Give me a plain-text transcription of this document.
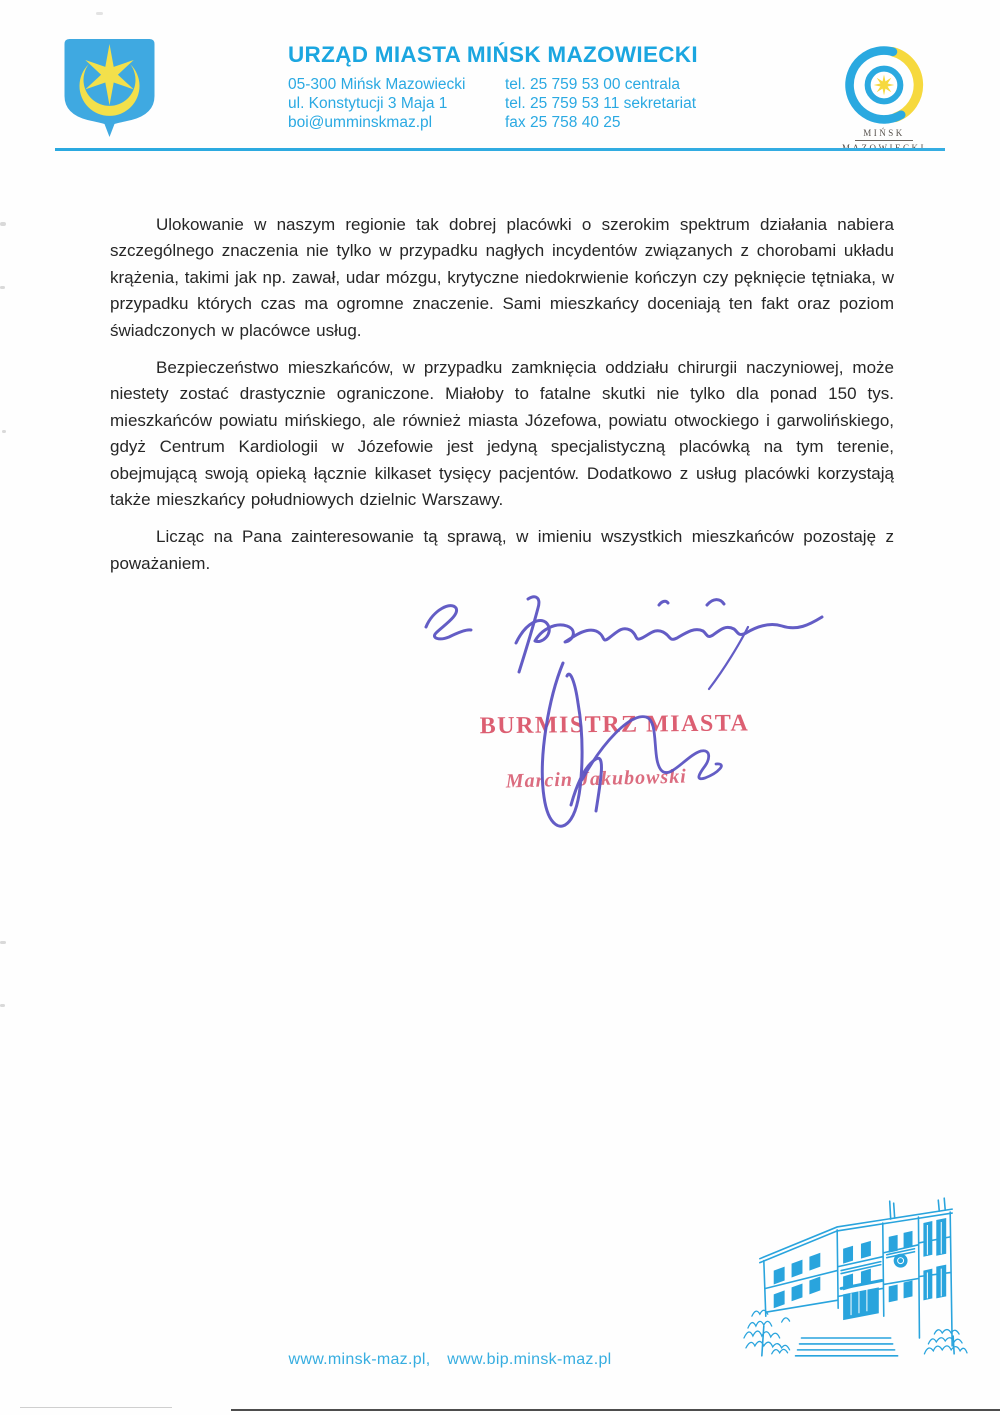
URZĄD MIASTA MIŃSK MAZOWIECKI
05-300 Mińsk Mazowiecki	tel. 25 759 53 00 centrala
ul. Konstytucji 3 Maja 1	tel. 25 759 53 11 sekretariat
boi@umminskmaz.pl	fax 25 758 40 25
MIŃSK

Ulokowanie w naszym regionie tak dobrej placówki o szerokim spektrum działania nabiera szczególnego znaczenia nie tylko w przypadku nagłych incydentów związanych z chorobami układu krążenia, takimi jak np. zawał, udar mózgu, krytyczne niedokrwienie kończyn czy pęknięcie tętniaka, w przypadku których czas ma ogromne znaczenie. Sami mieszkańcy doceniają ten fakt oraz poziom świadczonych w placówce usług.

Bezpieczeństwo mieszkańców, w przypadku zamknięcia oddziału chirurgii naczyniowej, może niestety zostać drastycznie ograniczone. Miałoby to fatalne skutki nie tylko dla ponad 150 tys. mieszkańców powiatu mińskiego, ale również miasta Józefowa, powiatu otwockiego i garwolińskiego, gdyż Centrum Kardiologii w Józefowie jest jedyną specjalistyczną placówką na tym terenie, obejmującą swoją opieką łącznie kilkaset tysięcy pacjentów. Dodatkowo z usług placówki korzystają także mieszkańcy południowych dzielnic Warszawy.

Licząc na Pana zainteresowanie tą sprawą, w imieniu wszystkich mieszkańców pozostaję z poważaniem.

BURMISTRZ MIASTA
Marcin Jakubowski
www.minsk-maz.pl, www.bip.minsk-maz.pl
